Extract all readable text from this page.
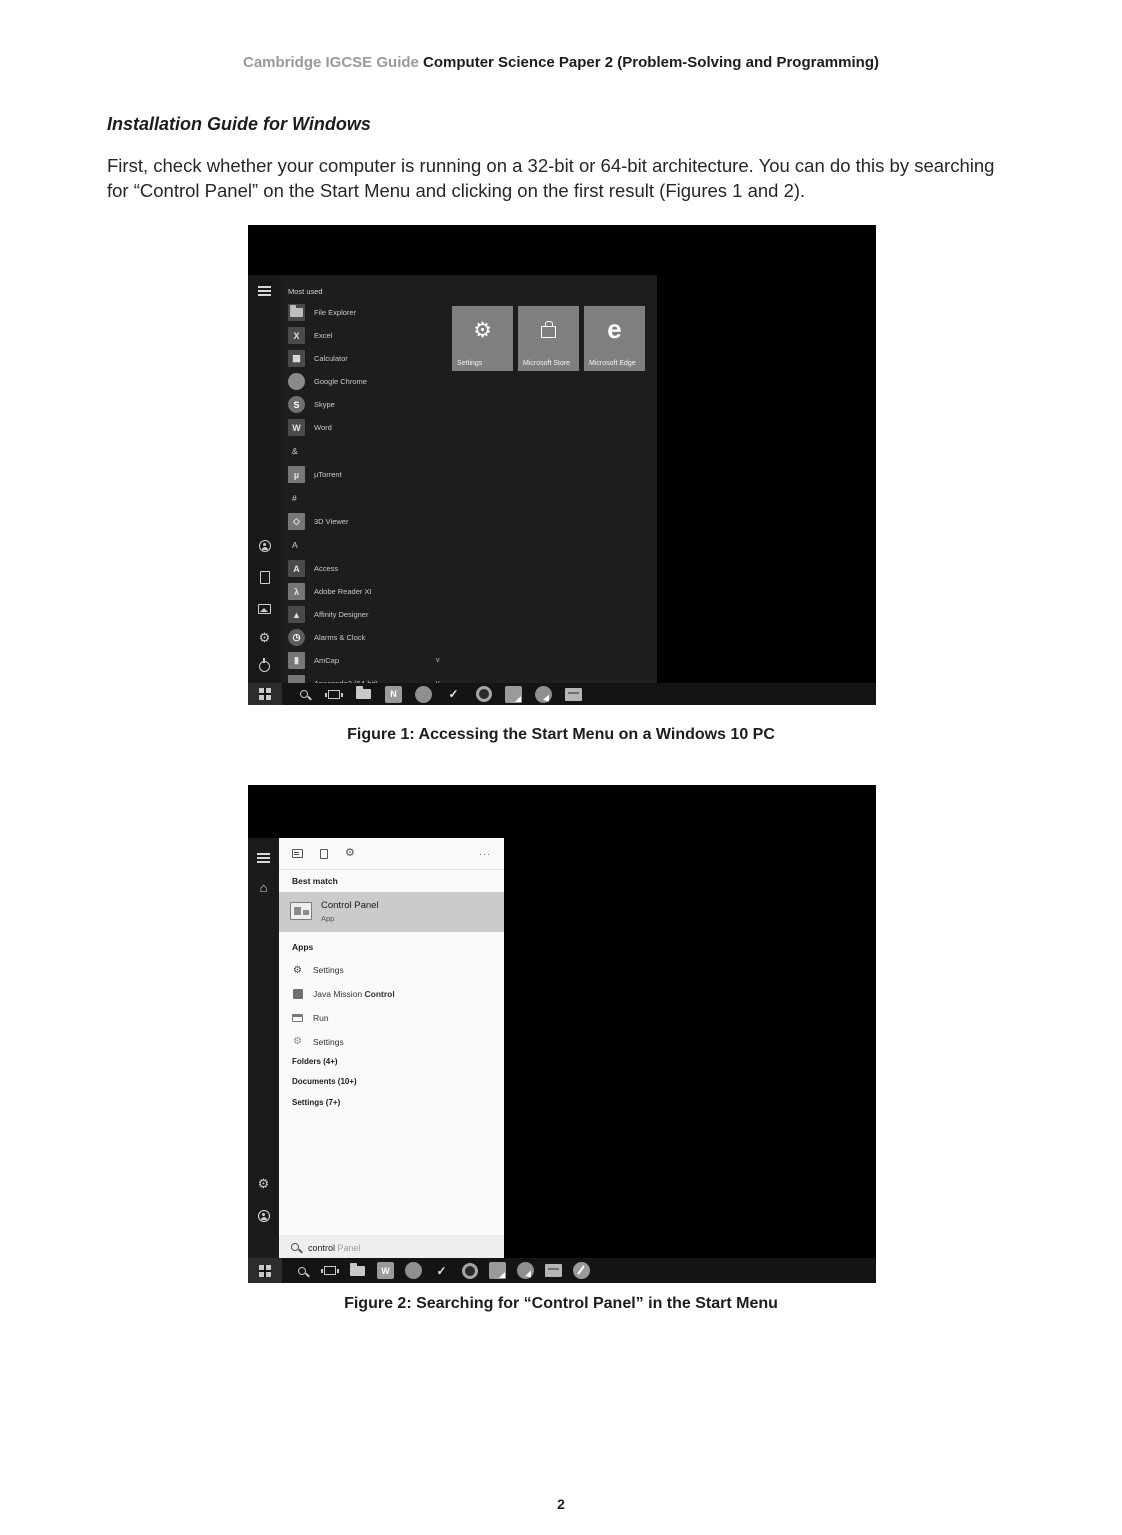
Cambridge IGCSE Guide Computer Science Paper 2 (Problem-Solving and Programming)
Installation Guide for Windows
First, check whether your computer is running on a 32-bit or 64-bit architecture. You can do this by searching for “Control Panel” on the Start Menu and clicking on the first result (Figures 1 and 2).
⚙
Most used
File Explorer
X	Excel
▦	Calculator
Google Chrome
S	Skype
W	Word
&
µ	µTorrent
#
◇	3D Viewer
A
A	Access
λ	Adobe Reader XI
▲	Affinity Designer
◷	Alarms & Clock
▮	AmCap	˅
⚙
Settings	Microsoft Store
e
Microsoft Edge
N	✓
Figure 1: Accessing the Start Menu on a Windows 10 PC
⌂
⚙
⚙	···
Best match
Control Panel
App
Apps
⚙ Settings
Java Mission Control
Run
⚙ Settings
Folders (4+)
Documents (10+)
Settings (7+)
control Panel
W	✓
Figure 2: Searching for “Control Panel” in the Start Menu
2
